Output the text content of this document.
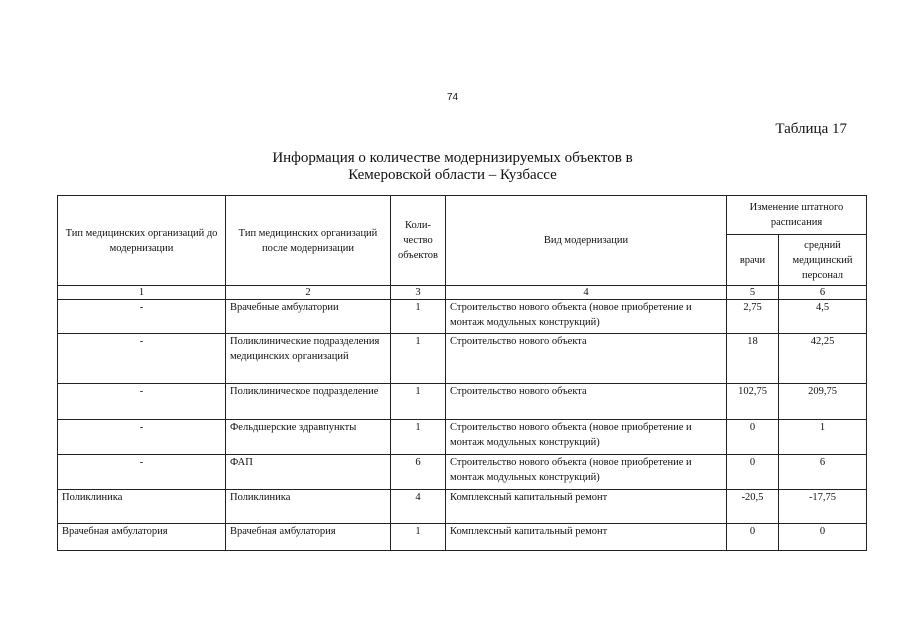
74
Таблица 17
Информация о количестве модернизируемых объектов в
Кемеровской области – Кузбассе
Тип медицинских организаций до модернизации	Тип медицинских организаций после модернизации	Коли-чество объектов	Вид модернизации	Изменение штатного расписания	
				врачи	средний медицинский персонал
1	2	3	4	5	6
-	Врачебные амбулатории	1	Строительство нового объекта (новое приобретение и монтаж модульных конструкций)	2,75	4,5
-	Поликлинические подразделения медицинских организаций	1	Строительство нового объекта	18	42,25
-	Поликлиническое подразделение	1	Строительство нового объекта	102,75	209,75
-	Фельдшерские здравпункты	1	Строительство нового объекта (новое приобретение и монтаж модульных конструкций)	0	1
-	ФАП	6	Строительство нового объекта (новое приобретение и монтаж модульных конструкций)	0	6
Поликлиника	Поликлиника	4	Комплексный капитальный ремонт	-20,5	-17,75
Врачебная амбулатория	Врачебная амбулатория	1	Комплексный капитальный ремонт	0	0
